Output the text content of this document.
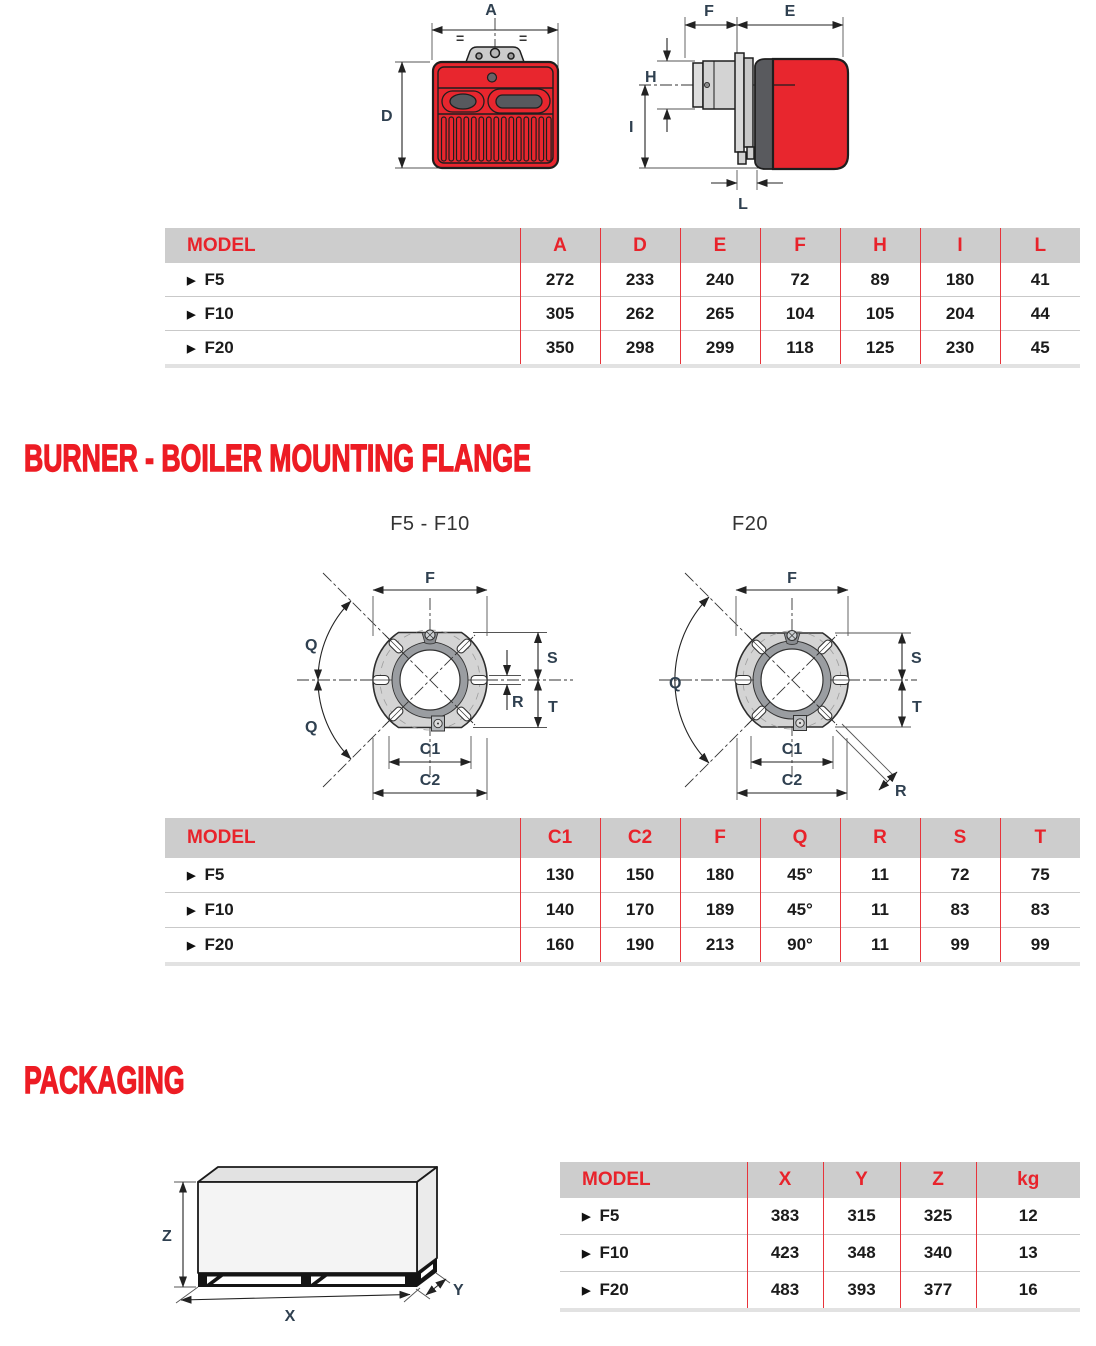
A
=	=
D
F	E
H
I
L
MODEL	A	D	E	F	H	I	L
▶ F5	272	233	240	72	89	180	41
▶ F10	305	262	265	104	105	204	44
▶ F20	350	298	299	118	125	230	45
BURNER - BOILER MOUNTING FLANGE
F5 - F10	F20
F
Q
Q
S
T
R
C1
C2
F
Q
S
T
R
C1
C2
MODEL	C1	C2	F	Q	R	S	T
▶ F5	130	150	180	45°	11	72	75
▶ F10	140	170	189	45°	11	83	83
▶ F20	160	190	213	90°	11	99	99
PACKAGING
Z
X
Y
MODEL	X	Y	Z	kg
▶ F5	383	315	325	12
▶ F10	423	348	340	13
▶ F20	483	393	377	16
